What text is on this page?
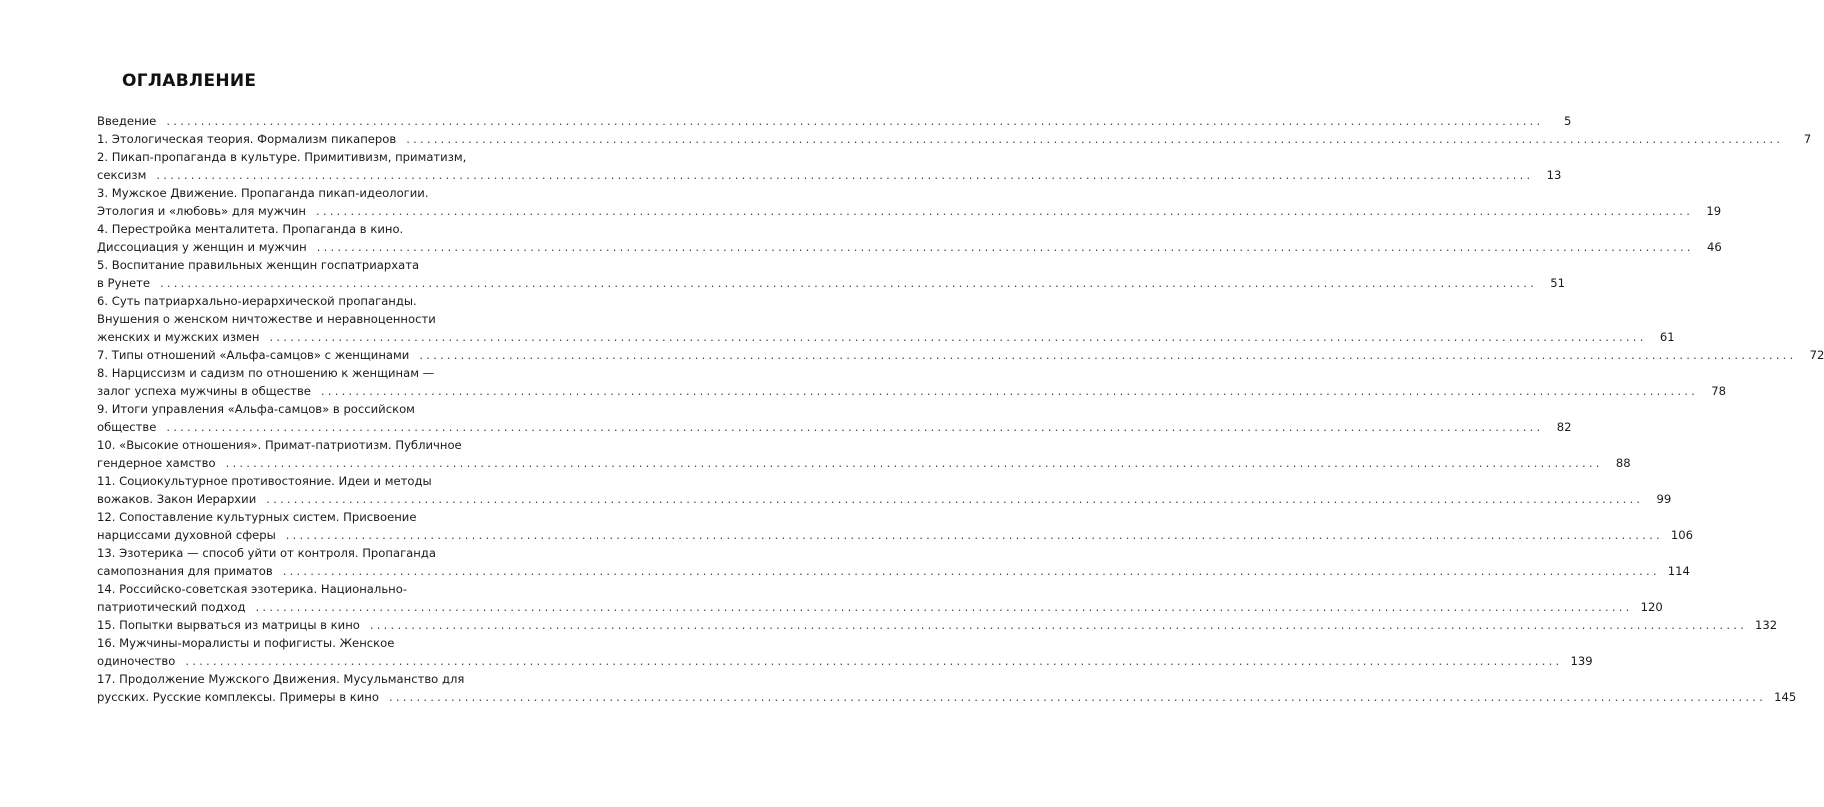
ОГЛАВЛЕНИЕ
Введение ........................................................................................................................................................................................................	5
1. Этологическая теория. Формализм пикаперов ........................................................................................................................................................................................................	7
2. Пикап-пропаганда в культуре. Примитивизм, приматизм,
сексизм ........................................................................................................................................................................................................	13
3. Мужское Движение. Пропаганда пикап-идеологии.
Этология и «любовь» для мужчин ........................................................................................................................................................................................................	19
4. Перестройка менталитета. Пропаганда в кино.
Диссоциация у женщин и мужчин ........................................................................................................................................................................................................	46
5. Воспитание правильных женщин госпатриархата
в Рунете ........................................................................................................................................................................................................	51
6. Суть патриархально-иерархической пропаганды.
Внушения о женском ничтожестве и неравноценности
женских и мужских измен ........................................................................................................................................................................................................	61
7. Типы отношений «Альфа-самцов» с женщинами ........................................................................................................................................................................................................	72
8. Нарциссизм и садизм по отношению к женщинам —
залог успеха мужчины в обществе ........................................................................................................................................................................................................	78
9. Итоги управления «Альфа-самцов» в российском
обществе ........................................................................................................................................................................................................	82
10. «Высокие отношения». Примат-патриотизм. Публичное
гендерное хамство ........................................................................................................................................................................................................	88
11. Социокультурное противостояние. Идеи и методы
вожаков. Закон Иерархии ........................................................................................................................................................................................................	99
12. Сопоставление культурных систем. Присвоение
нарциссами духовной сферы ........................................................................................................................................................................................................ 106
13. Эзотерика — способ уйти от контроля. Пропаганда
самопознания для приматов ........................................................................................................................................................................................................ 114
14. Российско-советская эзотерика. Национально-
патриотический подход ........................................................................................................................................................................................................ 120
15. Попытки вырваться из матрицы в кино ........................................................................................................................................................................................................ 132
16. Мужчины-моралисты и пофигисты. Женское
одиночество ........................................................................................................................................................................................................ 139
17. Продолжение Мужского Движения. Мусульманство для
русских. Русские комплексы. Примеры в кино ........................................................................................................................................................................................................ 145
